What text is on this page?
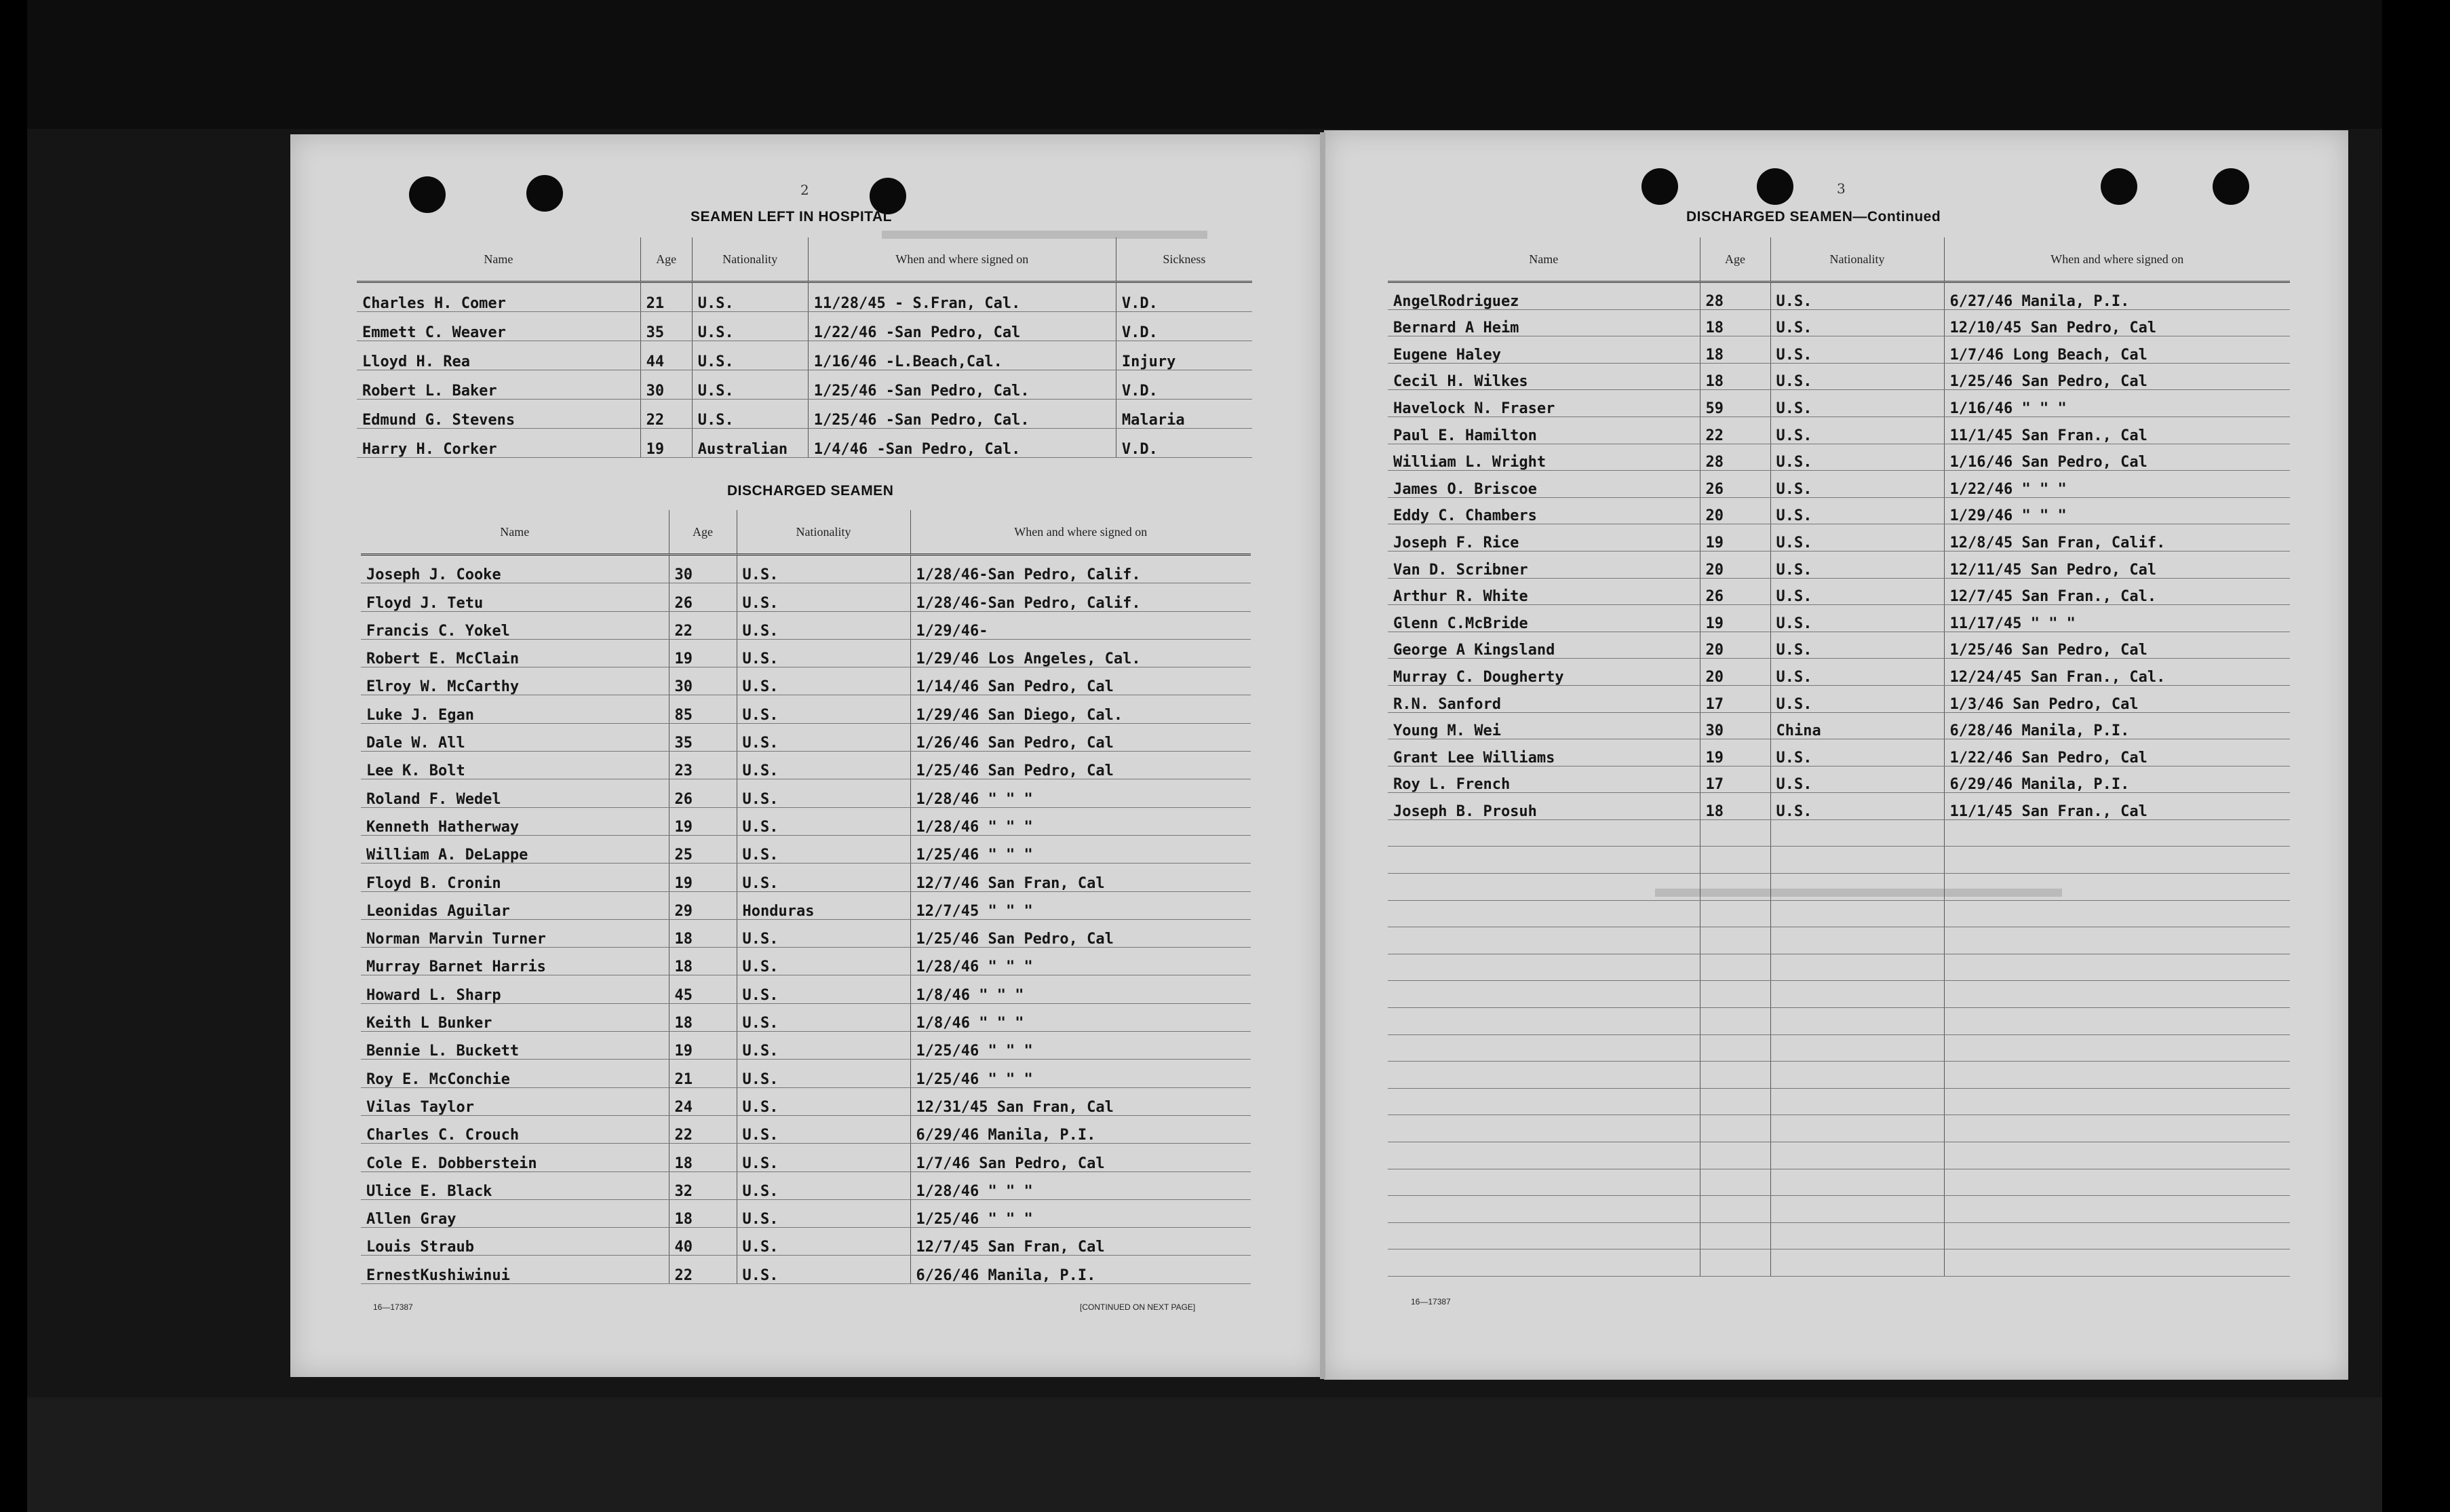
▬▬▬▬▬▬▬▬▬▬▬▬
▬▬▬▬▬▬▬▬▬▬▬▬▬▬▬
2
SEAMEN LEFT IN HOSPITAL
Name	Age	Nationality	When and where signed on	Sickness
Charles H. Comer	21	U.S.	11/28/45 - S.Fran, Cal.	V.D.
Emmett C. Weaver	35	U.S.	1/22/46 -San Pedro, Cal	V.D.
Lloyd H. Rea	44	U.S.	1/16/46 -L.Beach,Cal.	Injury
Robert L. Baker	30	U.S.	1/25/46 -San Pedro, Cal.	V.D.
Edmund G. Stevens	22	U.S.	1/25/46 -San Pedro, Cal.	Malaria
Harry H. Corker	19	Australian	1/4/46 -San Pedro, Cal.	V.D.
DISCHARGED SEAMEN
Name	Age	Nationality	When and where signed on
Joseph J. Cooke	30	U.S.	1/28/46-San Pedro, Calif.
Floyd J. Tetu	26	U.S.	1/28/46-San Pedro, Calif.
Francis C. Yokel	22	U.S.	1/29/46-
Robert E. McClain	19	U.S.	1/29/46 Los Angeles, Cal.
Elroy W. McCarthy	30	U.S.	1/14/46 San Pedro, Cal
Luke J. Egan	85	U.S.	1/29/46 San Diego, Cal.
Dale W. All	35	U.S.	1/26/46 San Pedro, Cal
Lee K. Bolt	23	U.S.	1/25/46 San Pedro, Cal
Roland F. Wedel	26	U.S.	1/28/46 " " "
Kenneth Hatherway	19	U.S.	1/28/46 " " "
William A. DeLappe	25	U.S.	1/25/46 " " "
Floyd B. Cronin	19	U.S.	12/7/46 San Fran, Cal
Leonidas Aguilar	29	Honduras	12/7/45 " " "
Norman Marvin Turner	18	U.S.	1/25/46 San Pedro, Cal
Murray Barnet Harris	18	U.S.	1/28/46 " " "
Howard L. Sharp	45	U.S.	1/8/46 " " "
Keith L Bunker	18	U.S.	1/8/46 " " "
Bennie L. Buckett	19	U.S.	1/25/46 " " "
Roy E. McConchie	21	U.S.	1/25/46 " " "
Vilas Taylor	24	U.S.	12/31/45 San Fran, Cal
Charles C. Crouch	22	U.S.	6/29/46 Manila, P.I.
Cole E. Dobberstein	18	U.S.	1/7/46 San Pedro, Cal
Ulice E. Black	32	U.S.	1/28/46 " " "
Allen Gray	18	U.S.	1/25/46 " " "
Louis Straub	40	U.S.	12/7/45 San Fran, Cal
ErnestKushiwinui	22	U.S.	6/26/46 Manila, P.I.
16—17387	[CONTINUED ON NEXT PAGE]
3
DISCHARGED SEAMEN—Continued
Name	Age	Nationality	When and where signed on
AngelRodriguez	28	U.S.	6/27/46 Manila, P.I.
Bernard A Heim	18	U.S.	12/10/45 San Pedro, Cal
Eugene Haley	18	U.S.	1/7/46 Long Beach, Cal
Cecil H. Wilkes	18	U.S.	1/25/46 San Pedro, Cal
Havelock N. Fraser	59	U.S.	1/16/46 " " "
Paul E. Hamilton	22	U.S.	11/1/45 San Fran., Cal
William L. Wright	28	U.S.	1/16/46 San Pedro, Cal
James O. Briscoe	26	U.S.	1/22/46 " " "
Eddy C. Chambers	20	U.S.	1/29/46 " " "
Joseph F. Rice	19	U.S.	12/8/45 San Fran, Calif.
Van D. Scribner	20	U.S.	12/11/45 San Pedro, Cal
Arthur R. White	26	U.S.	12/7/45 San Fran., Cal.
Glenn C.McBride	19	U.S.	11/17/45 " " "
George A Kingsland	20	U.S.	1/25/46 San Pedro, Cal
Murray C. Dougherty	20	U.S.	12/24/45 San Fran., Cal.
R.N. Sanford	17	U.S.	1/3/46 San Pedro, Cal
Young M. Wei	30	China	6/28/46 Manila, P.I.
Grant Lee Williams	19	U.S.	1/22/46 San Pedro, Cal
Roy L. French	17	U.S.	6/29/46 Manila, P.I.
Joseph B. Prosuh	18	U.S.	11/1/45 San Fran., Cal

16—17387
